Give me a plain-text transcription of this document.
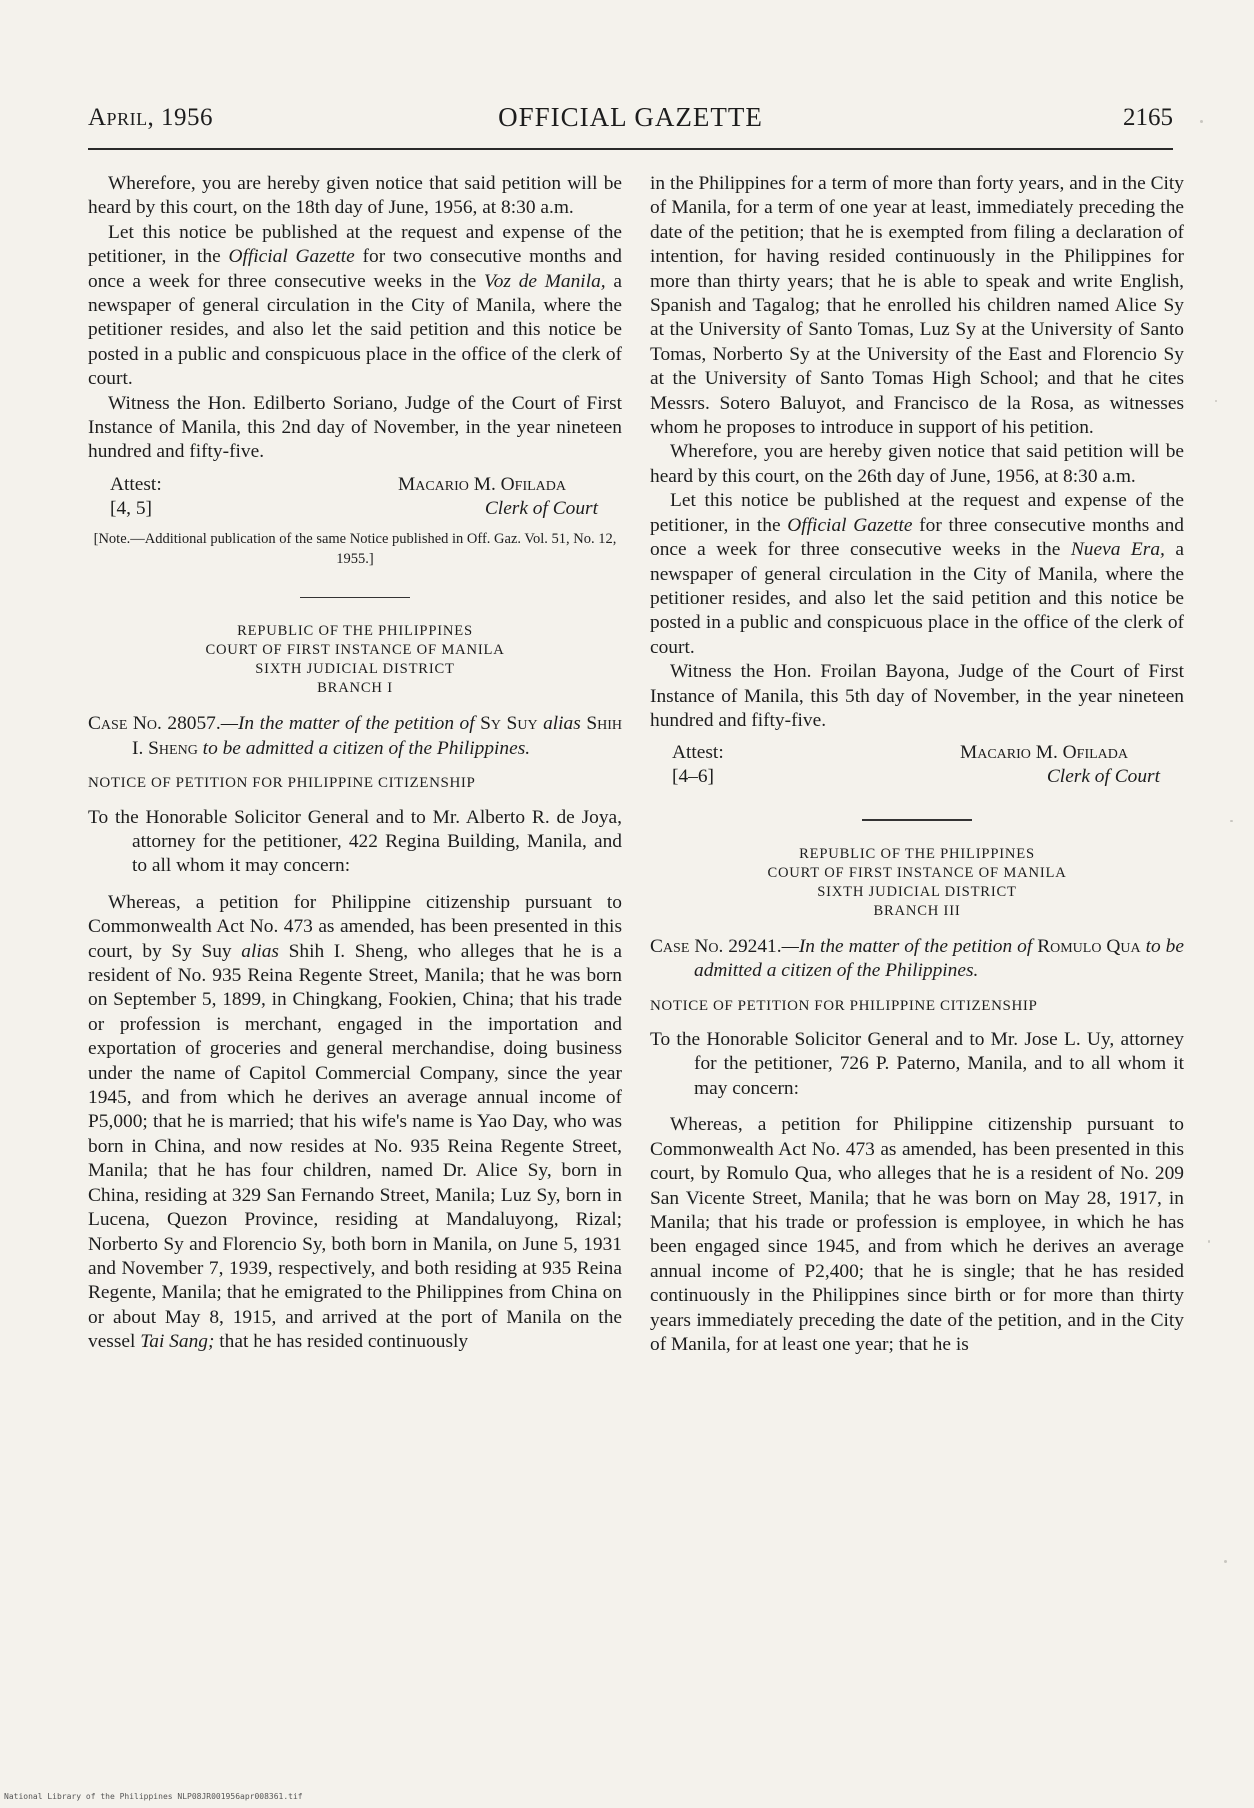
April, 1956	OFFICIAL GAZETTE	2165

Wherefore, you are hereby given notice that said petition will be heard by this court, on the 18th day of June, 1956, at 8:30 a.m.

Let this notice be published at the request and expense of the petitioner, in the Official Gazette for two consecutive months and once a week for three consecutive weeks in the Voz de Manila, a newspaper of general circulation in the City of Manila, where the petitioner resides, and also let the said petition and this notice be posted in a public and conspicuous place in the office of the clerk of court.

Witness the Hon. Edilberto Soriano, Judge of the Court of First Instance of Manila, this 2nd day of November, in the year nineteen hundred and fifty-five.

Attest:
[4, 5]
Macario M. Ofilada
Clerk of Court

[Note.—Additional publication of the same Notice published in Off. Gaz. Vol. 51, No. 12, 1955.]

REPUBLIC OF THE PHILIPPINES
COURT OF FIRST INSTANCE OF MANILA
SIXTH JUDICIAL DISTRICT
BRANCH I

Case No. 28057.—In the matter of the petition of Sy Suy alias Shih I. Sheng to be admitted a citizen of the Philippines.

NOTICE OF PETITION FOR PHILIPPINE CITIZENSHIP

To the Honorable Solicitor General and to Mr. Alberto R. de Joya, attorney for the petitioner, 422 Regina Building, Manila, and to all whom it may concern:

Whereas, a petition for Philippine citizenship pursuant to Commonwealth Act No. 473 as amended, has been presented in this court, by Sy Suy alias Shih I. Sheng, who alleges that he is a resident of No. 935 Reina Regente Street, Manila; that he was born on September 5, 1899, in Chingkang, Fookien, China; that his trade or profession is merchant, engaged in the importation and exportation of groceries and general merchandise, doing business under the name of Capitol Commercial Company, since the year 1945, and from which he derives an average annual income of P5,000; that he is married; that his wife's name is Yao Day, who was born in China, and now resides at No. 935 Reina Regente Street, Manila; that he has four children, named Dr. Alice Sy, born in China, residing at 329 San Fernando Street, Manila; Luz Sy, born in Lucena, Quezon Province, residing at Mandaluyong, Rizal; Norberto Sy and Florencio Sy, both born in Manila, on June 5, 1931 and November 7, 1939, respectively, and both residing at 935 Reina Regente, Manila; that he emigrated to the Philippines from China on or about May 8, 1915, and arrived at the port of Manila on the vessel Tai Sang; that he has resided continuously

in the Philippines for a term of more than forty years, and in the City of Manila, for a term of one year at least, immediately preceding the date of the petition; that he is exempted from filing a declaration of intention, for having resided continuously in the Philippines for more than thirty years; that he is able to speak and write English, Spanish and Tagalog; that he enrolled his children named Alice Sy at the University of Santo Tomas, Luz Sy at the University of Santo Tomas, Norberto Sy at the University of the East and Florencio Sy at the University of Santo Tomas High School; and that he cites Messrs. Sotero Baluyot, and Francisco de la Rosa, as witnesses whom he proposes to introduce in support of his petition.

Wherefore, you are hereby given notice that said petition will be heard by this court, on the 26th day of June, 1956, at 8:30 a.m.

Let this notice be published at the request and expense of the petitioner, in the Official Gazette for three consecutive months and once a week for three consecutive weeks in the Nueva Era, a newspaper of general circulation in the City of Manila, where the petitioner resides, and also let the said petition and this notice be posted in a public and conspicuous place in the office of the clerk of court.

Witness the Hon. Froilan Bayona, Judge of the Court of First Instance of Manila, this 5th day of November, in the year nineteen hundred and fifty-five.

Attest:
[4–6]
Macario M. Ofilada
Clerk of Court
REPUBLIC OF THE PHILIPPINES
COURT OF FIRST INSTANCE OF MANILA
SIXTH JUDICIAL DISTRICT
BRANCH III

Case No. 29241.—In the matter of the petition of Romulo Qua to be admitted a citizen of the Philippines.

NOTICE OF PETITION FOR PHILIPPINE CITIZENSHIP

To the Honorable Solicitor General and to Mr. Jose L. Uy, attorney for the petitioner, 726 P. Paterno, Manila, and to all whom it may concern:

Whereas, a petition for Philippine citizenship pursuant to Commonwealth Act No. 473 as amended, has been presented in this court, by Romulo Qua, who alleges that he is a resident of No. 209 San Vicente Street, Manila; that he was born on May 28, 1917, in Manila; that his trade or profession is employee, in which he has been engaged since 1945, and from which he derives an average annual income of P2,400; that he is single; that he has resided continuously in the Philippines since birth or for more than thirty years immediately preceding the date of the petition, and in the City of Manila, for at least one year; that he is

National Library of the Philippines NLP08JR001956apr008361.tif
